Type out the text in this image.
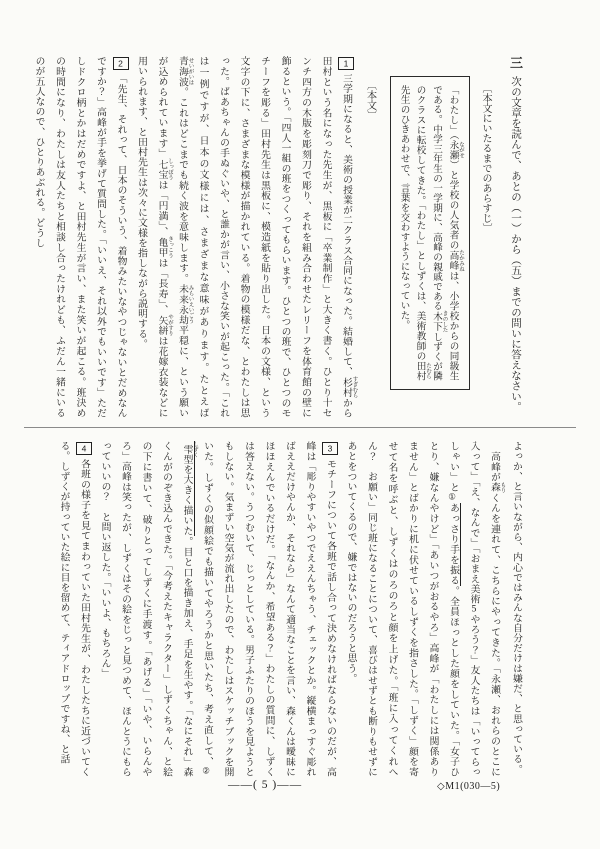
三次の文章を読んで、あとの（一）から（五）までの問いに答えなさい。
〔本文にいたるまでのあらすじ〕

「わたし」（永瀬 ながせ）と学校の人気者の高峰 たかみねは、小学校からの同級生である。中学三年生の一学期に、高峰の親戚である木下 きのしたしずくが隣のクラスに転校してきた。「わたし」としずくは、美術教師の田村 たむら先生のひきあわせで、言葉を交わすようになっていた。

〔本文〕

1三学期になると、美術の授業が二クラス合同になった。結婚して、杉村 すぎむらから田村という名になった先生が、黒板に「卒業制作」と大きく書く。ひとり十センチ四方の木版を彫刻刀で彫り、それを組み合わせたレリーフを体育館の壁に飾るという。「四人一組の班をつくってもらいます。ひとつの班で、ひとつのモチーフを彫る」田村先生は黒板に、模造紙を貼り出した。日本の文様、という文字の下に、さまざまな模様が描かれている。着物の模様だな、とわたしは思った。ばあちゃんの手ぬぐいや、と誰かが言い、小さな笑いが起こった。「これは一例ですが、日本の文様には、さまざまな意味があります。たとえば青海波 せいがいは。これはどこまでも続く波を意味します。未来永劫 みらいえいごう平穏に、という願いが込められています」七宝 しっぽうは「円満」、亀甲 きっこうは「長寿」、矢絣 やがすりは花嫁衣装などに用いられます、と田村先生は次々に文様を指しながら説明する。

2「先生、それって、日本のそういう、着物みたいなやつじゃないとだめなんですか？」高峰が手を挙げて質問した。「いいえ、それ以外でもいいです」ただしドクロ柄とかはだめですよ、と田村先生が言い、また笑いが起こる。班決めの時間になり、わたしは友人たちと相談し合ったけれども、ふだん一緒にいるのが五人なので、ひとりあぶれる。どうし

よっか、と言いながら、内心ではみんな自分だけは嫌だ、と思っている。

　高峰が森 もりくんを連れて、こちらにやってきた。「永瀬、おれらのとこに入って」「え、なんで」「おまえ美術5やろう？」友人たちは「いってらっしゃい」と①あっさり手を振る。全員ほっとした顔をしていた。「女子ひとり、嫌なんやけど」「あいつがおるやろ」高峰が「わたしには関係ありません」とばかりに机に伏せているしずくを指さした。「しずく」顔を寄せて名を呼ぶと、しずくはのろのろと顔を上げた。「班に入ってくれへん？　お願い」同じ班になることについて、喜びはせずとも断りもせずにあとをついてくるので、嫌ではないのだろうと思う。

3モチーフについて各班で話し合って決めなければならないのだが、高峰は「彫りやすいやつでええんちゃう、チェックとか。縦横まっすぐ彫ればええだけやんか、それなら」なんて適当なことを言い、森くんは曖昧にほほえんでいるだけだ。「なんか、希望ある？」わたしの質問に、しずくは答えない。うつむいて、じっとしている。男子ふたりのほうを見ようともしない。気まずい空気が流れ出したので、わたしはスケッチブックを開いた。しずくの似顔絵でも描いてやろうかと思いたち、考え直して、②雫 しずく型を大きく描いた。目と口を描き加え、手足を生やす。「なにそれ」森くんがのぞき込んできた。「今考えたキャラクター」しずくちゃん、と絵の下に書いて、破りとってしずくに手渡す。「あげる」「いや、いらんやろ」高峰は笑ったが、しずくはその絵をじっと見つめて、ほんとうにもらっていいの？　と問い返した。「いいよ、もちろん」

4各班の様子を見てまわっていた田村先生が、わたしたちに近づいてくる。しずくが持っていた絵に目を留めて、ティアドロップですね、と話

——( 5 )——	◇M1(030―5)
